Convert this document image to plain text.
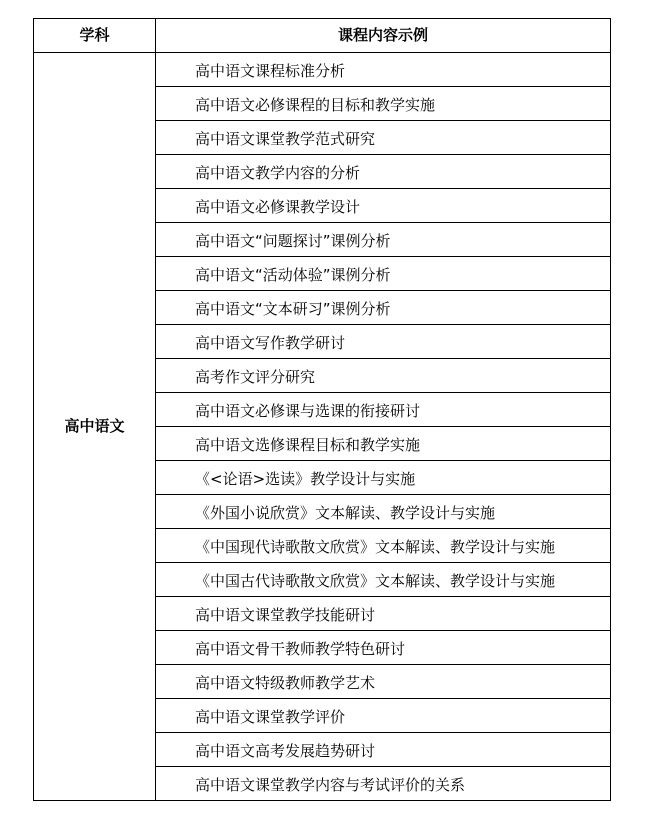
学科	课程内容示例
高中语文	高中语文课程标准分析
	高中语文必修课程的目标和教学实施
	高中语文课堂教学范式研究
	高中语文教学内容的分析
	高中语文必修课教学设计
	高中语文“问题探讨”课例分析
	高中语文“活动体验”课例分析
	高中语文“文本研习”课例分析
	高中语文写作教学研讨
	高考作文评分研究
	高中语文必修课与选课的衔接研讨
	高中语文选修课程目标和教学实施
	《<论语>选读》教学设计与实施
	《外国小说欣赏》文本解读、教学设计与实施
	《中国现代诗歌散文欣赏》文本解读、教学设计与实施
	《中国古代诗歌散文欣赏》文本解读、教学设计与实施
	高中语文课堂教学技能研讨
	高中语文骨干教师教学特色研讨
	高中语文特级教师教学艺术
	高中语文课堂教学评价
	高中语文高考发展趋势研讨
	高中语文课堂教学内容与考试评价的关系
